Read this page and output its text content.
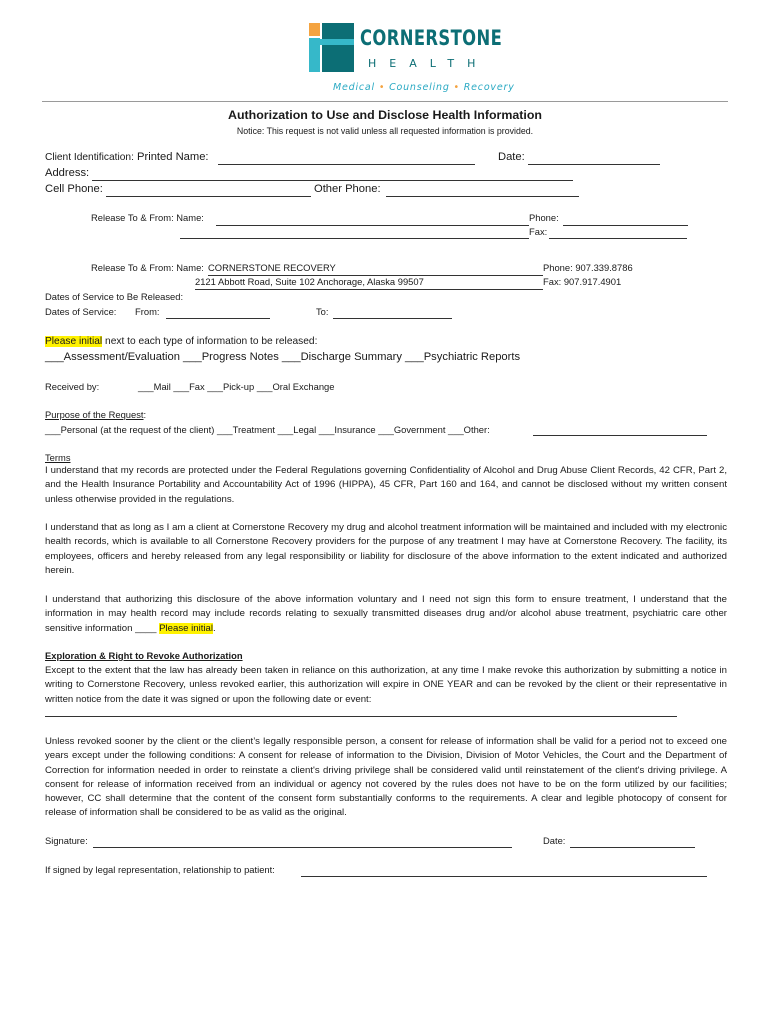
CORNERSTONE
HEALTH
Medical • Counseling • Recovery
Authorization to Use and Disclose Health Information
Notice: This request is not valid unless all requested information is provided.
Client Identification: Printed Name:	Date:
Address:
Cell Phone:	Other Phone:
Release To & From: Name:	Phone:
Fax:
Release To & From: Name: CORNERSTONE RECOVERY	Phone: 907.339.8786
2121 Abbott Road, Suite 102 Anchorage, Alaska 99507	Fax: 907.917.4901
Dates of Service to Be Released:
Dates of Service: From:	To:
Please initial next to each type of information to be released:
___Assessment/Evaluation ___Progress Notes ___Discharge Summary ___Psychiatric Reports
Received by:	___Mail ___Fax ___Pick-up ___Oral Exchange
Purpose of the Request:
___Personal (at the request of the client) ___Treatment ___Legal ___Insurance ___Government ___Other:
Terms
I understand that my records are protected under the Federal Regulations governing Confidentiality of Alcohol and Drug Abuse Client Records, 42 CFR, Part 2, and the Health Insurance Portability and Accountability Act of 1996 (HIPPA), 45 CFR, Part 160 and 164, and cannot be disclosed without my written consent unless otherwise provided in the regulations.
I understand that as long as I am a client at Cornerstone Recovery my drug and alcohol treatment information will be maintained and included with my electronic health records, which is available to all Cornerstone Recovery providers for the purpose of any treatment I may have at Cornerstone Recovery. The facility, its employees, officers and hereby released from any legal responsibility or liability for disclosure of the above information to the extent indicated and authorized herein.
I understand that authorizing this disclosure of the above information voluntary and I need not sign this form to ensure treatment, I understand that the information in may health record may include records relating to sexually transmitted diseases drug and/or alcohol abuse treatment, psychiatric care other sensitive information ____ Please initial.
Exploration & Right to Revoke Authorization
Except to the extent that the law has already been taken in reliance on this authorization, at any time I make revoke this authorization by submitting a notice in writing to Cornerstone Recovery, unless revoked earlier, this authorization will expire in ONE YEAR and can be revoked by the client or their representative in written notice from the date it was signed or upon the following date or event:
Unless revoked sooner by the client or the client’s legally responsible person, a consent for release of information shall be valid for a period not to exceed one years except under the following conditions: A consent for release of information to the Division, Division of Motor Vehicles, the Court and the Department of Correction for information needed in order to reinstate a client's driving privilege shall be considered valid until reinstatement of the client's driving privilege. A consent for release of information received from an individual or agency not covered by the rules does not have to be on the form utilized by our facilities; however, CC shall determine that the content of the consent form substantially conforms to the requirements. A clear and legible photocopy of consent for release of information shall be considered to be as valid as the original.
Signature:	Date:
If signed by legal representation, relationship to patient:
